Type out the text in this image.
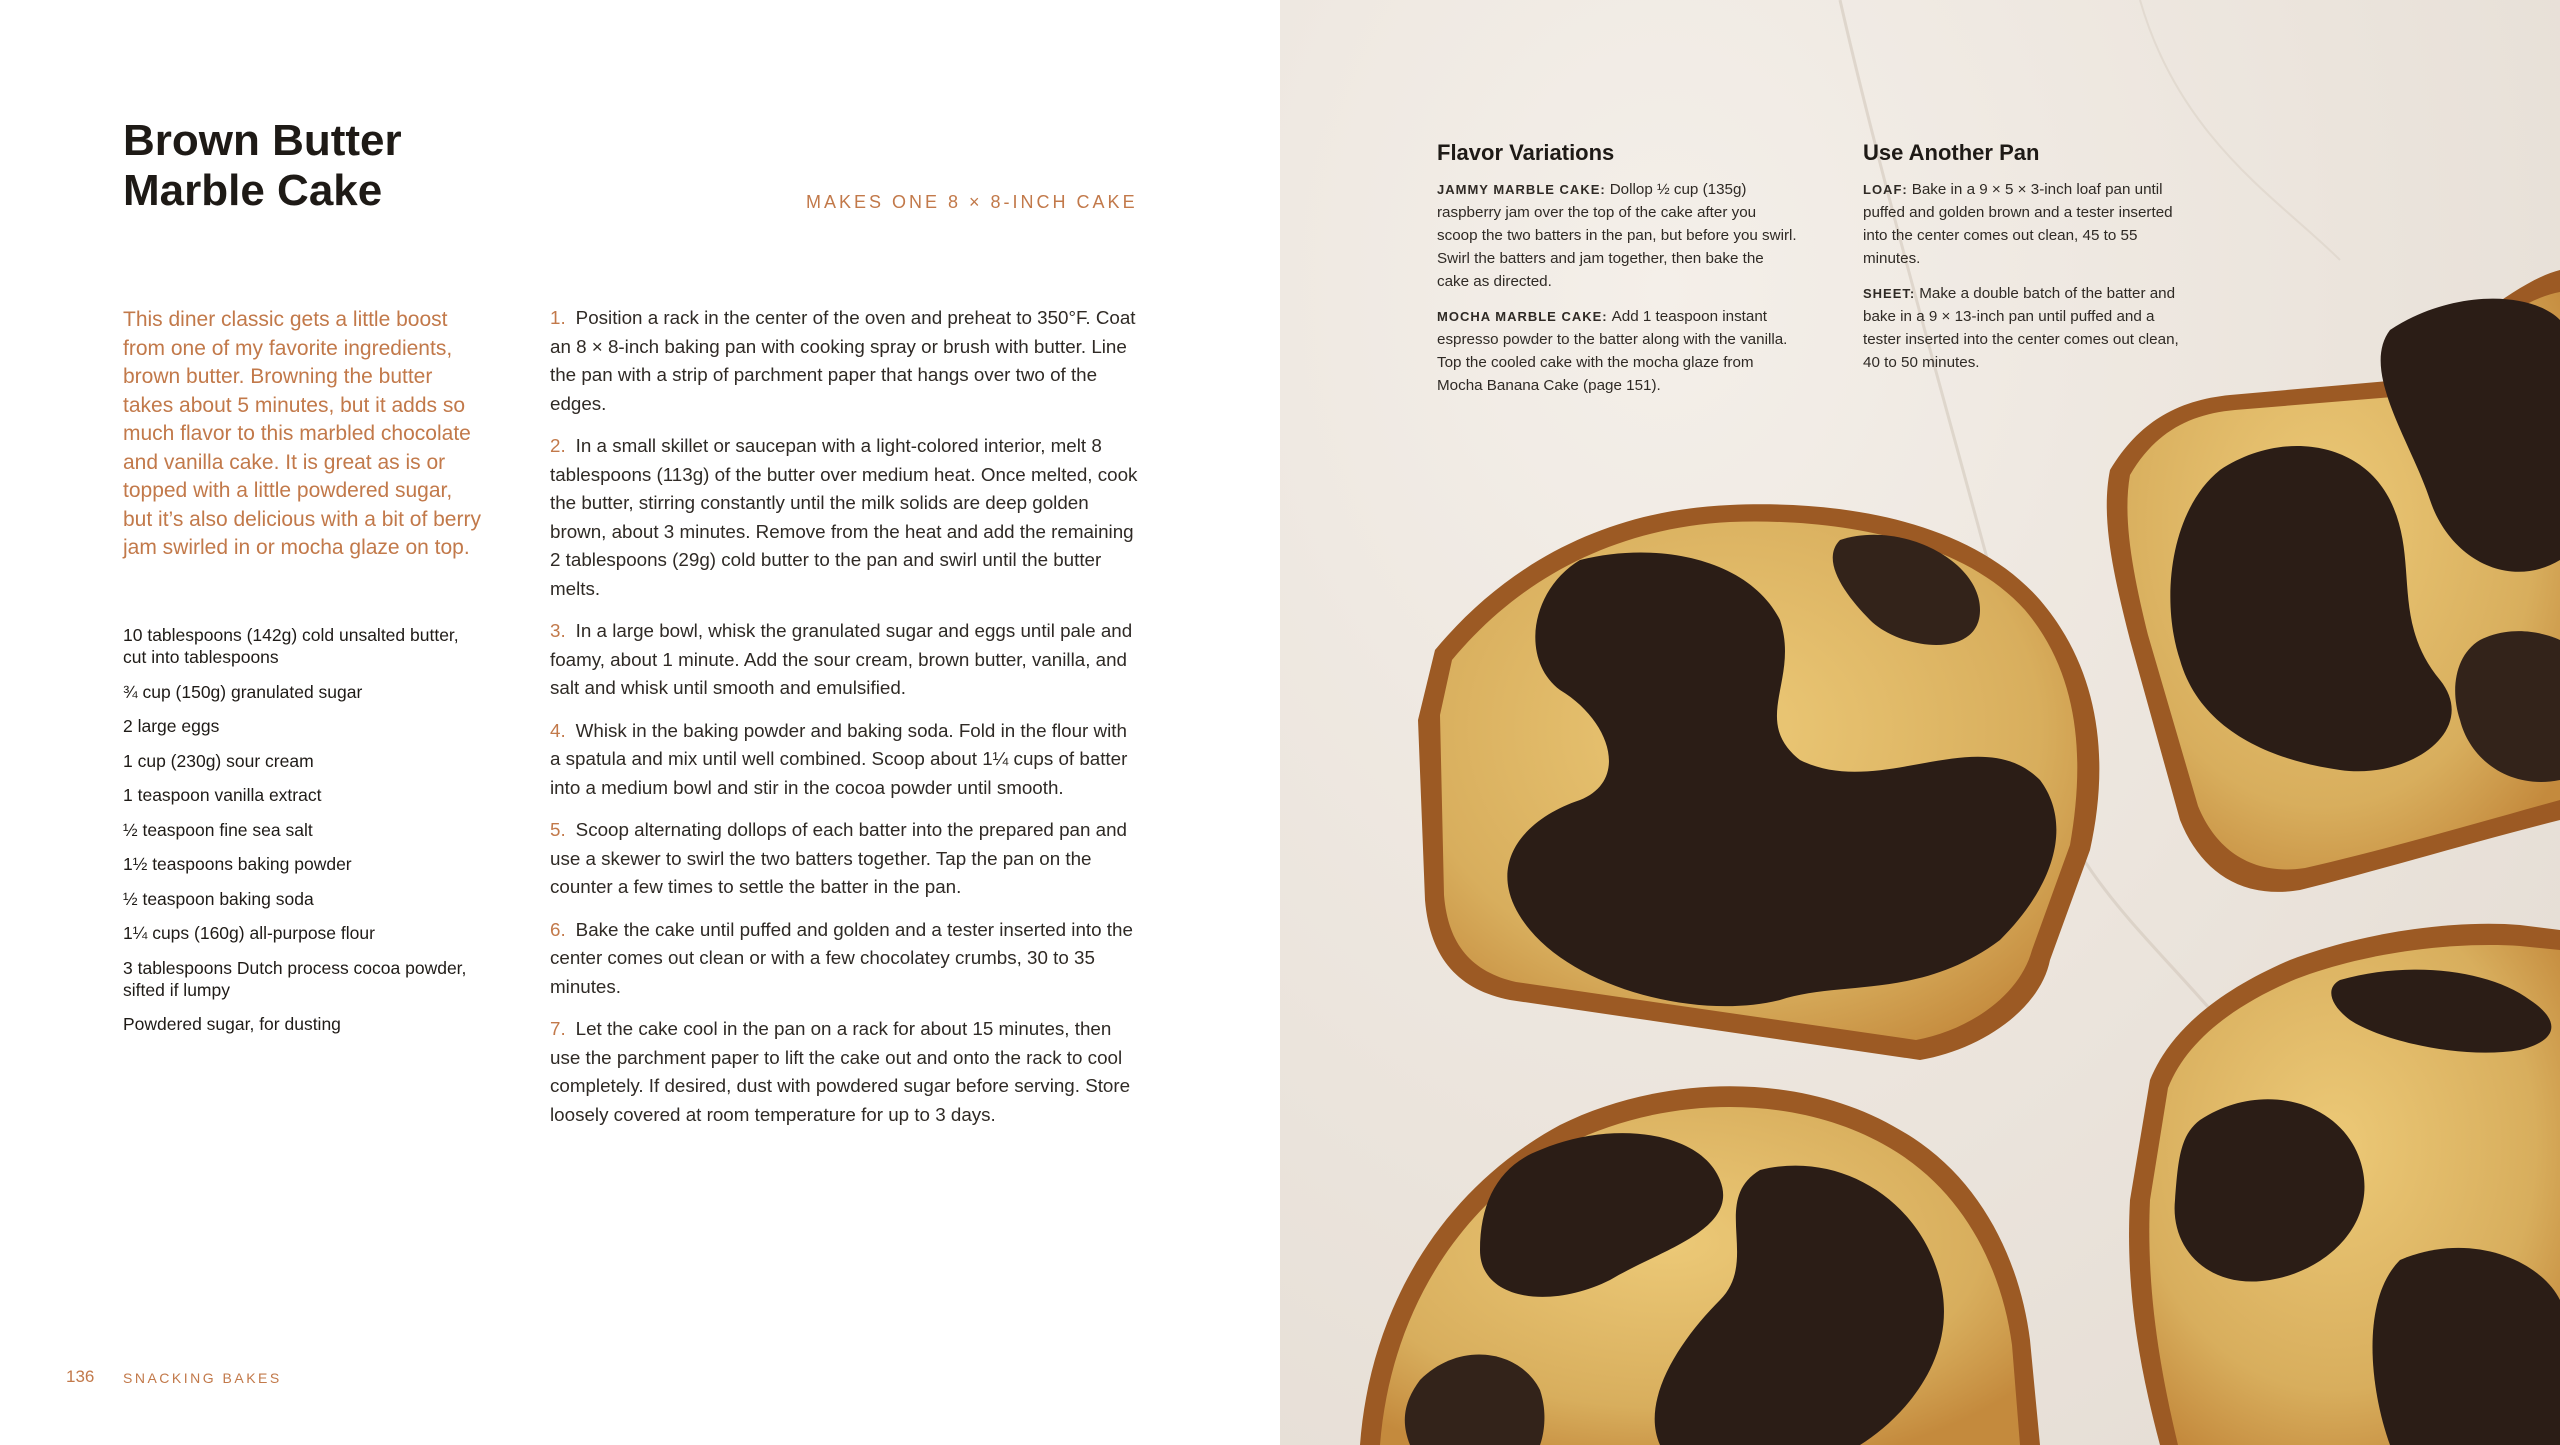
Brown Butter
Marble Cake	MAKES ONE 8 × 8-INCH CAKE

This diner classic gets a little boost from one of my favorite ingredients, brown butter. Browning the butter takes about 5 minutes, but it adds so much flavor to this marbled chocolate and vanilla cake. It is great as is or topped with a little powdered sugar, but it’s also delicious with a bit of berry jam swirled in or mocha glaze on top.

10 tablespoons (142g) cold unsalted butter, cut into tablespoons
¾ cup (150g) granulated sugar
2 large eggs
1 cup (230g) sour cream
1 teaspoon vanilla extract
½ teaspoon fine sea salt
1½ teaspoons baking powder
½ teaspoon baking soda
1¼ cups (160g) all-purpose flour
3 tablespoons Dutch process cocoa powder, sifted if lumpy
Powdered sugar, for dusting
1. Position a rack in the center of the oven and preheat to 350°F. Coat an 8 × 8-inch baking pan with cooking spray or brush with butter. Line the pan with a strip of parchment paper that hangs over two of the edges.
2. In a small skillet or saucepan with a light-colored interior, melt 8 tablespoons (113g) of the butter over medium heat. Once melted, cook the butter, stirring constantly until the milk solids are deep golden brown, about 3 minutes. Remove from the heat and add the remaining 2 tablespoons (29g) cold butter to the pan and swirl until the butter melts.
3. In a large bowl, whisk the granulated sugar and eggs until pale and foamy, about 1 minute. Add the sour cream, brown butter, vanilla, and salt and whisk until smooth and emulsified.
4. Whisk in the baking powder and baking soda. Fold in the flour with a spatula and mix until well combined. Scoop about 1¼ cups of batter into a medium bowl and stir in the cocoa powder until smooth.
5. Scoop alternating dollops of each batter into the prepared pan and use a skewer to swirl the two batters together. Tap the pan on the counter a few times to settle the batter in the pan.
6. Bake the cake until puffed and golden and a tester inserted into the center comes out clean or with a few chocolatey crumbs, 30 to 35 minutes.
7. Let the cake cool in the pan on a rack for about 15 minutes, then use the parchment paper to lift the cake out and onto the rack to cool completely. If desired, dust with powdered sugar before serving. Store loosely covered at room temperature for up to 3 days.
136 SNACKING BAKES
Flavor Variations

JAMMY MARBLE CAKE: Dollop ½ cup (135g) raspberry jam over the top of the cake after you scoop the two batters in the pan, but before you swirl. Swirl the batters and jam together, then bake the cake as directed.

MOCHA MARBLE CAKE: Add 1 teaspoon instant espresso powder to the batter along with the vanilla. Top the cooled cake with the mocha glaze from Mocha Banana Cake (page 151).

Use Another Pan

LOAF: Bake in a 9 × 5 × 3-inch loaf pan until puffed and golden brown and a tester inserted into the center comes out clean, 45 to 55 minutes.

SHEET: Make a double batch of the batter and bake in a 9 × 13-inch pan until puffed and a tester inserted into the center comes out clean, 40 to 50 minutes.
